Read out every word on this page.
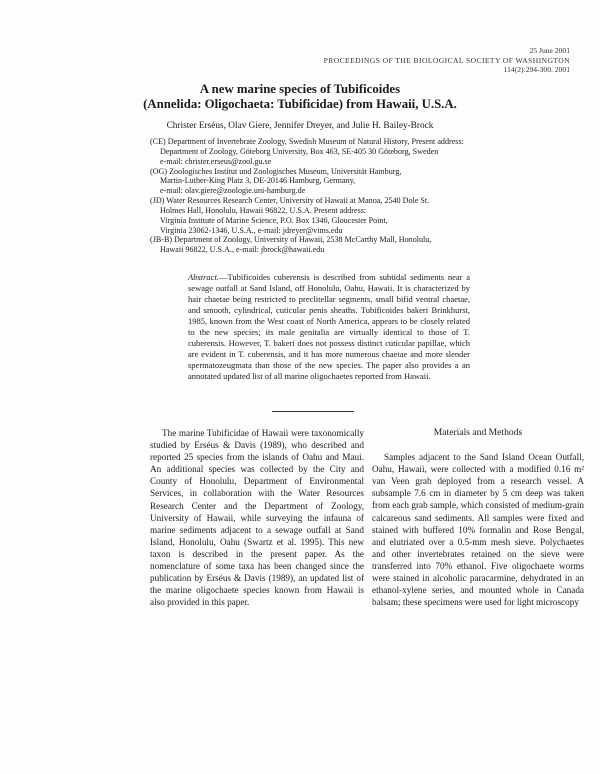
25 June 2001
PROCEEDINGS OF THE BIOLOGICAL SOCIETY OF WASHINGTON
114(2):294-300. 2001
A new marine species of Tubificoides
(Annelida: Oligochaeta: Tubificidae) from Hawaii, U.S.A.
Christer Erséus, Olav Giere, Jennifer Dreyer, and Julie H. Bailey-Brock
(CE) Department of Invertebrate Zoology, Swedish Museum of Natural History, Present address:
Department of Zoology, Göteborg University, Box 463, SE-405 30 Göteborg, Sweden
e-mail: christer.erseus@zool.gu.se
(OG) Zoologisches Institut und Zoologisches Museum, Universität Hamburg,
Martin-Luther-King Platz 3, DE-20146 Hamburg, Germany,
e-mail: olav.giere@zoologie.uni-hamburg.de
(JD) Water Resources Research Center, University of Hawaii at Manoa, 2540 Dole St.
Holmes Hall, Honolulu, Hawaii 96822, U.S.A. Present address:
Virginia Institute of Marine Science, P.O. Box 1346, Gloucester Point,
Virginia 23062-1346, U.S.A., e-mail: jdreyer@vims.edu
(JB-B) Department of Zoology, University of Hawaii, 2538 McCarthy Mall, Honolulu,
Hawaii 96822, U.S.A., e-mail: jbrock@hawaii.edu
Abstract.—Tubificoides cuberensis is described from subtidal sediments near a sewage outfall at Sand Island, off Honolulu, Oahu, Hawaii. It is characterized by hair chaetae being restricted to preclitellar segments, small bifid ventral chaetae, and smooth, cylindrical, cuticular penis sheaths. Tubificoides bakeri Brinkhurst, 1985, known from the West coast of North America, appears to be closely related to the new species; its male genitalia are virtually identical to those of T. cuberensis. However, T. bakeri does not possess distinct cuticular papillae, which are evident in T. cuberensis, and it has more numerous chaetae and more slender spermatozeugmata than those of the new species. The paper also provides a an annotated updated list of all marine oligochaetes reported from Hawaii.
The marine Tubificidae of Hawaii were taxonomically studied by Erséus & Davis (1989), who described and reported 25 species from the islands of Oahu and Maui. An additional species was collected by the City and County of Honolulu, Department of Environmental Services, in collaboration with the Water Resources Research Center and the Department of Zoology, University of Hawaii, while surveying the infauna of marine sediments adjacent to a sewage outfall at Sand Island, Honolulu, Oahu (Swartz et al. 1995). This new taxon is described in the present paper. As the nomenclature of some taxa has been changed since the publication by Erséus & Davis (1989), an updated list of the marine oligochaete species known from Hawaii is also provided in this paper.
Materials and Methods

Samples adjacent to the Sand Island Ocean Outfall, Oahu, Hawaii, were collected with a modified 0.16 m² van Veen grab deployed from a research vessel. A subsample 7.6 cm in diameter by 5 cm deep was taken from each grab sample, which consisted of medium-grain calcareous sand sediments. All samples were fixed and stained with buffered 10% formalin and Rose Bengal, and elutriated over a 0.5-mm mesh sieve. Polychaetes and other invertebrates retained on the sieve were transferred into 70% ethanol. Five oligochaete worms were stained in alcoholic paracarmine, dehydrated in an ethanol-xylene series, and mounted whole in Canada balsam; these specimens were used for light microscopy
